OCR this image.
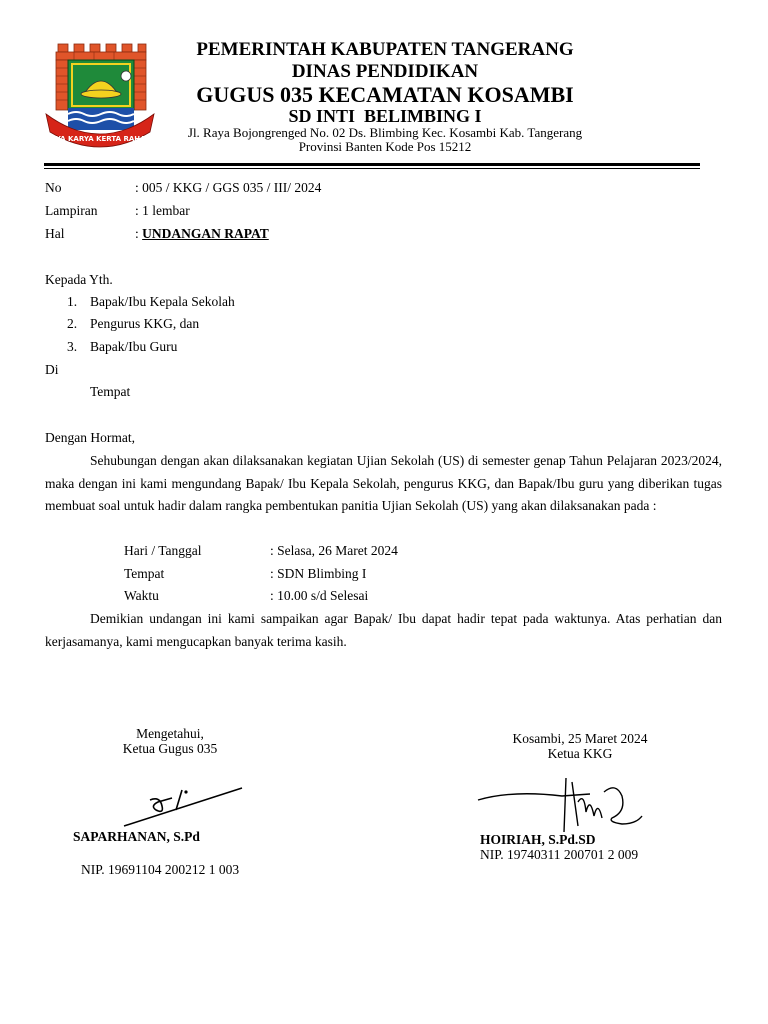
SATYA KARYA KERTA RAHARJA
PEMERINTAH KABUPATEN TANGERANG
DINAS PENDIDIKAN
GUGUS 035 KECAMATAN KOSAMBI
SD INTI  BELIMBING I
Jl. Raya Bojongrenged No. 02 Ds. Blimbing Kec. Kosambi Kab. Tangerang
Provinsi Banten Kode Pos 15212
No	: 005 / KKG / GGS 035 / III/ 2024
Lampiran	: 1 lembar
Hal	: UNDANGAN RAPAT
Kepada Yth.
1. Bapak/Ibu Kepala Sekolah
2. Pengurus KKG, dan
3. Bapak/Ibu Guru
Di
Tempat
Dengan Hormat,
Sehubungan dengan akan dilaksanakan kegiatan Ujian Sekolah (US) di semester genap Tahun Pelajaran 2023/2024, maka dengan ini kami mengundang Bapak/ Ibu Kepala Sekolah, pengurus KKG, dan Bapak/Ibu guru yang diberikan tugas membuat soal untuk hadir dalam rangka pembentukan panitia Ujian Sekolah (US) yang akan dilaksanakan pada :
Hari / Tanggal	: Selasa, 26 Maret 2024
Tempat	: SDN Blimbing I
Waktu	: 10.00 s/d Selesai
Demikian undangan ini kami sampaikan agar Bapak/ Ibu dapat hadir tepat pada waktunya. Atas perhatian dan kerjasamanya, kami mengucapkan banyak terima kasih.
Mengetahui,
Ketua Gugus 035
SAPARHANAN, S.Pd
NIP. 19691104 200212 1 003
Kosambi, 25 Maret 2024
Ketua KKG
HOIRIAH, S.Pd.SD
NIP. 19740311 200701 2 009
